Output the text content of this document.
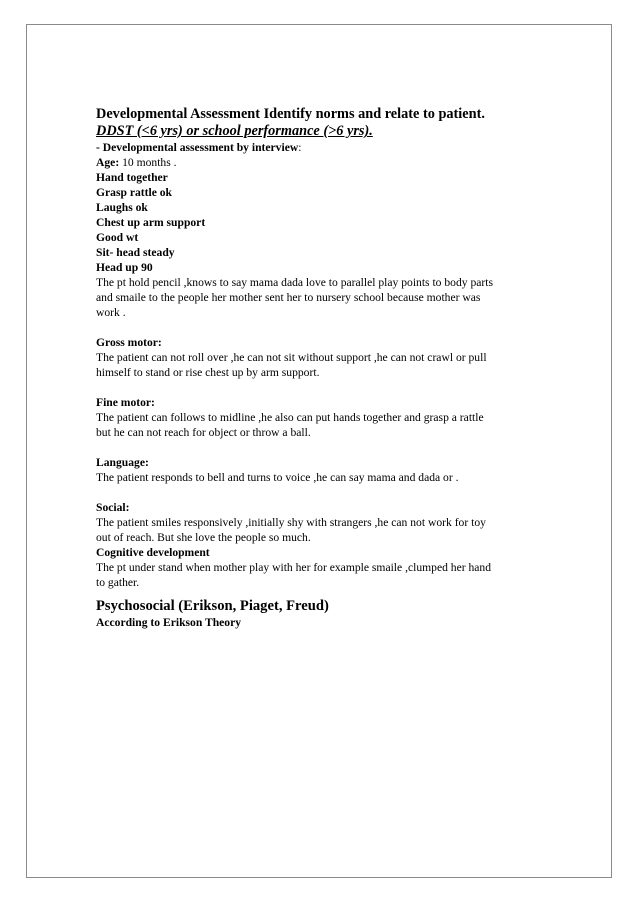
Developmental Assessment Identify norms and relate to patient.
DDST (<6 yrs) or school performance (>6 yrs).
- Developmental assessment by interview:
Age: 10 months .
Hand together
Grasp rattle ok
Laughs ok
Chest up arm support
Good wt
Sit- head steady
Head up 90
The pt hold pencil ,knows to say mama dada love to parallel play points to body parts
and smaile to the people her mother sent her to nursery school because mother was
work .
Gross motor:
The patient can not roll over ,he can not sit without support ,he can not crawl or pull
himself to stand or rise chest up by arm support.
Fine motor:
The patient can follows to midline ,he also can put hands together and grasp a rattle
but he can not reach for object or throw a ball.
Language:
The patient responds to bell and turns to voice ,he can say mama and dada or .
Social:
The patient smiles responsively ,initially shy with strangers ,he can not work for toy
out of reach. But she love the people so much.
Cognitive development
The pt under stand when mother play with her for example smaile ,clumped her hand
to gather.
Psychosocial (Erikson, Piaget, Freud)
According to Erikson Theory
